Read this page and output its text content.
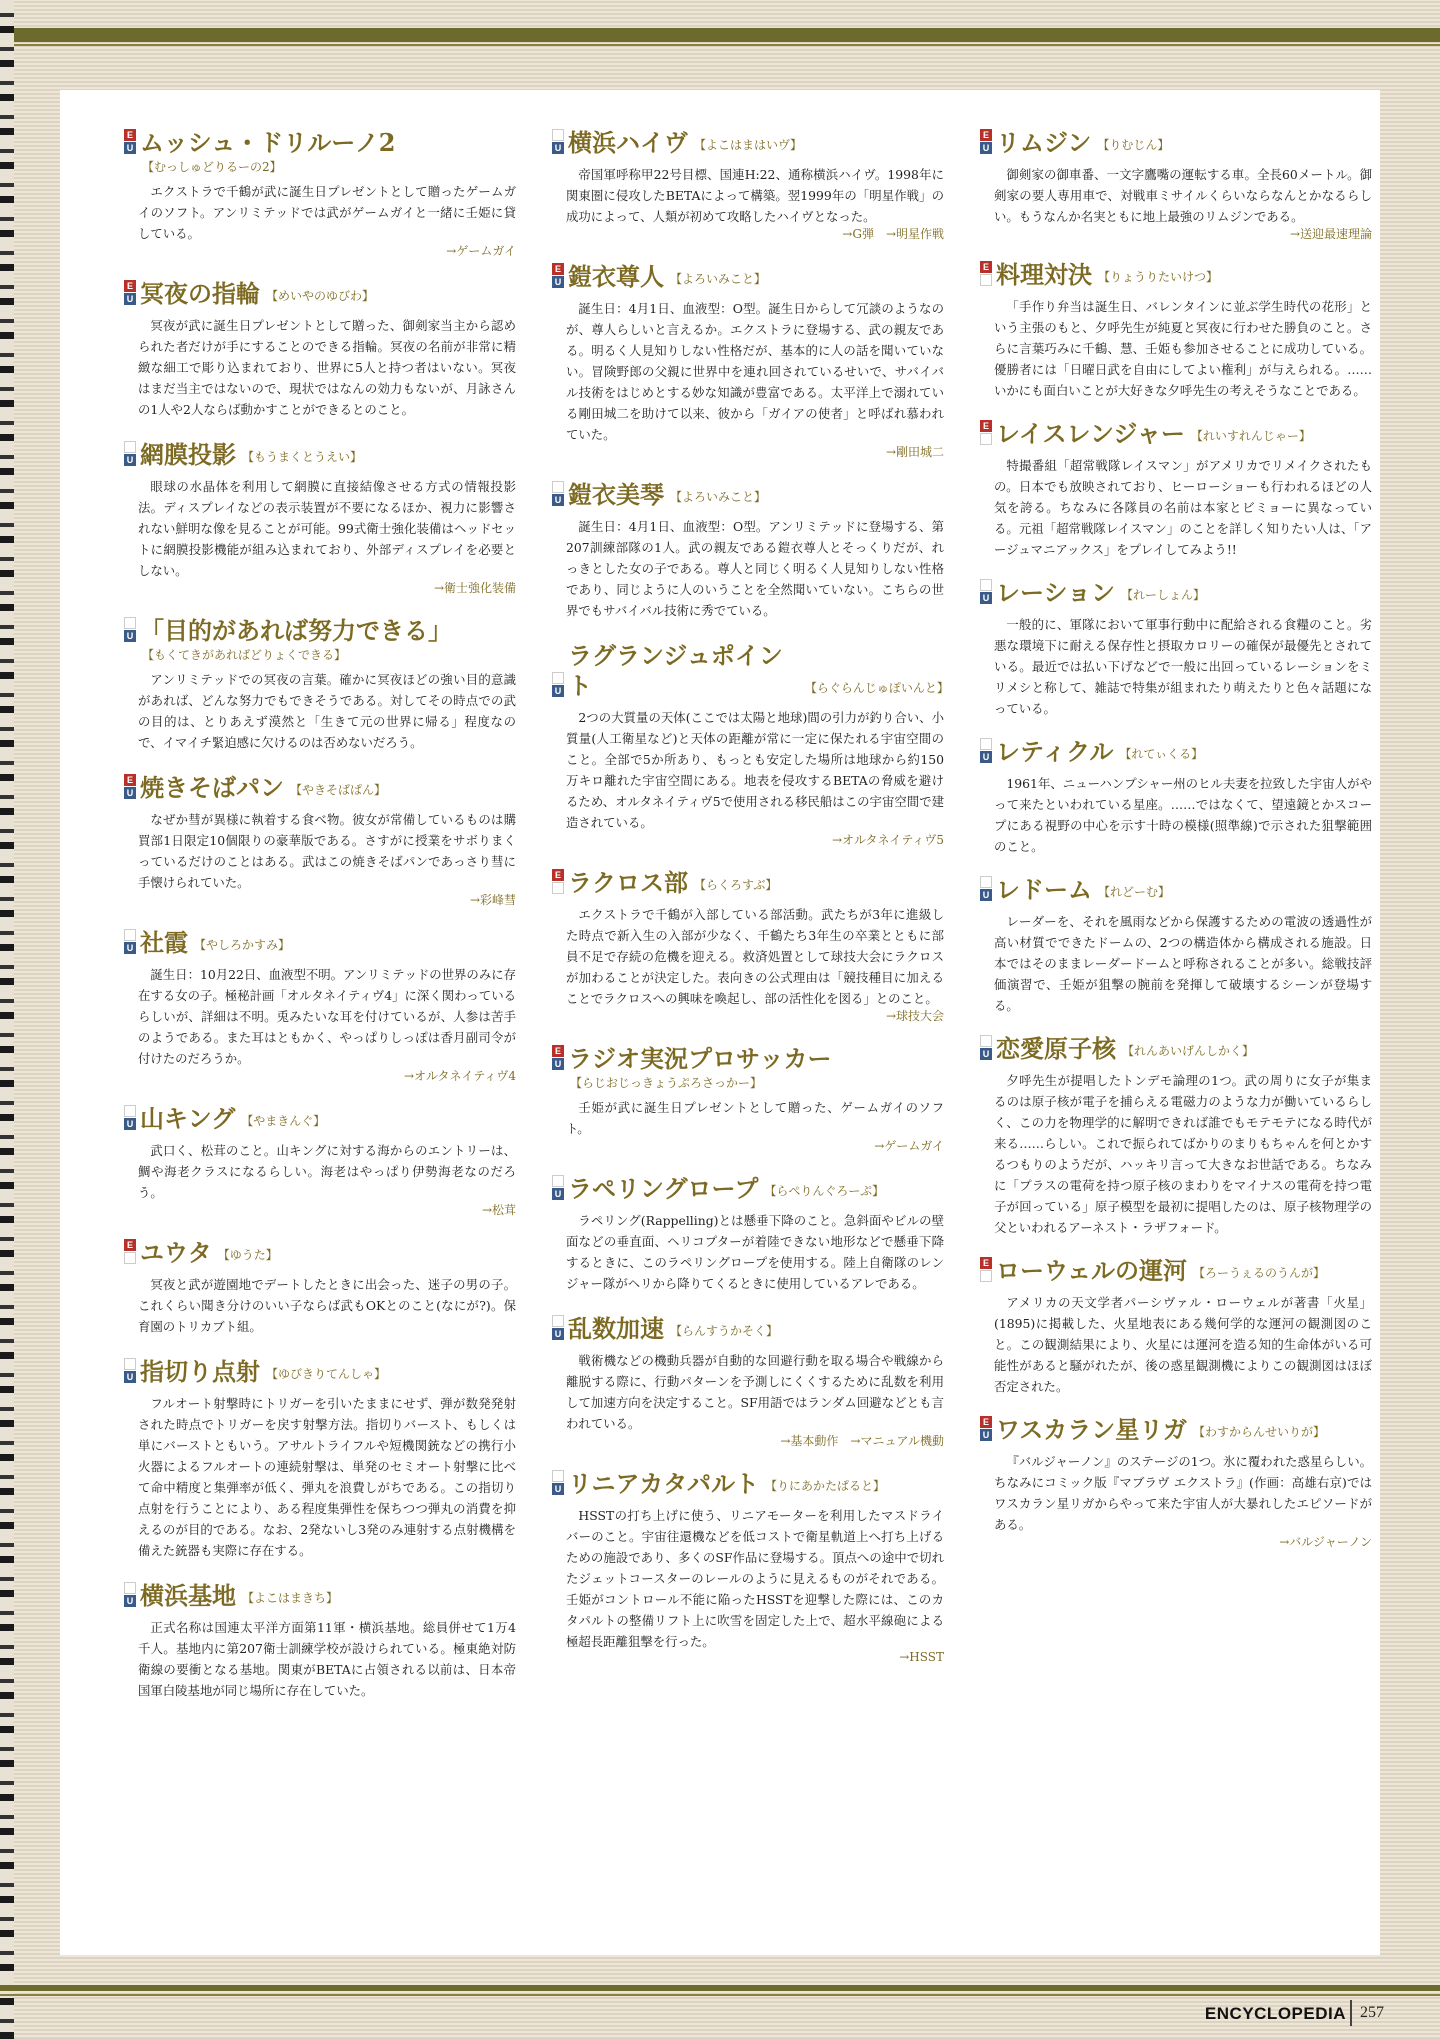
E
U ムッシュ・ドリルーノ2
【むっしゅどりるーの2】
エクストラで千鶴が武に誕生日プレゼントとして贈ったゲームガイのソフト。アンリミテッドでは武がゲームガイと一緒に壬姫に貸している。
→ゲームガイ
E
U 冥夜の指輪 【めいやのゆびわ】
冥夜が武に誕生日プレゼントとして贈った、御剣家当主から認められた者だけが手にすることのできる指輪。冥夜の名前が非常に精緻な細工で彫り込まれており、世界に5人と持つ者はいない。冥夜はまだ当主ではないので、現状ではなんの効力もないが、月詠さんの1人や2人ならば動かすことができるとのこと。
U 網膜投影 【もうまくとうえい】
眼球の水晶体を利用して網膜に直接結像させる方式の情報投影法。ディスプレイなどの表示装置が不要になるほか、視力に影響されない鮮明な像を見ることが可能。99式衛士強化装備はヘッドセットに網膜投影機能が組み込まれており、外部ディスプレイを必要としない。
→衛士強化装備
U 「目的があれば努力できる」
【もくてきがあればどりょくできる】
アンリミテッドでの冥夜の言葉。確かに冥夜ほどの強い目的意識があれば、どんな努力でもできそうである。対してその時点での武の目的は、とりあえず漠然と「生きて元の世界に帰る」程度なので、イマイチ緊迫感に欠けるのは否めないだろう。
E
U 焼きそばパン 【やきそばぱん】
なぜか彗が異様に執着する食べ物。彼女が常備しているものは購買部1日限定10個限りの豪華版である。さすがに授業をサボりまくっているだけのことはある。武はこの焼きそばパンであっさり彗に手懐けられていた。
→彩峰彗
U 社霞 【やしろかすみ】
誕生日：10月22日、血液型不明。アンリミテッドの世界のみに存在する女の子。極秘計画「オルタネイティヴ4」に深く関わっているらしいが、詳細は不明。兎みたいな耳を付けているが、人参は苦手のようである。また耳はともかく、やっぱりしっぽは香月副司令が付けたのだろうか。
→オルタネイティヴ4
U 山キング 【やまきんぐ】
武口く、松茸のこと。山キングに対する海からのエントリーは、鯛や海老クラスになるらしい。海老はやっぱり伊勢海老なのだろう。
→松茸
E ユウタ 【ゆうた】
冥夜と武が遊園地でデートしたときに出会った、迷子の男の子。これくらい聞き分けのいい子ならば武もOKとのこと(なにが?)。保育園のトリカブト組。
U 指切り点射 【ゆびきりてんしゃ】
フルオート射撃時にトリガーを引いたままにせず、弾が数発発射された時点でトリガーを戻す射撃方法。指切りバースト、もしくは単にバーストともいう。アサルトライフルや短機関銃などの携行小火器によるフルオートの連続射撃は、単発のセミオート射撃に比べて命中精度と集弾率が低く、弾丸を浪費しがちである。この指切り点射を行うことにより、ある程度集弾性を保ちつつ弾丸の消費を抑えるのが目的である。なお、2発ないし3発のみ連射する点射機構を備えた銃器も実際に存在する。
U 横浜基地 【よこはまきち】
正式名称は国連太平洋方面第11軍・横浜基地。総員併せて1万4千人。基地内に第207衛士訓練学校が設けられている。極東絶対防衛線の要衝となる基地。関東がBETAに占領される以前は、日本帝国軍白陵基地が同じ場所に存在していた。
U 横浜ハイヴ 【よこはまはいヴ】
帝国軍呼称甲22号目標、国連H:22、通称横浜ハイヴ。1998年に関東圏に侵攻したBETAによって構築。翌1999年の「明星作戦」の成功によって、人類が初めて攻略したハイヴとなった。
→G弾　→明星作戦
E
U 鎧衣尊人 【よろいみこと】
誕生日：4月1日、血液型：O型。誕生日からして冗談のようなのが、尊人らしいと言えるか。エクストラに登場する、武の親友である。明るく人見知りしない性格だが、基本的に人の話を聞いていない。冒険野郎の父親に世界中を連れ回されているせいで、サバイバル技術をはじめとする妙な知識が豊富である。太平洋上で溺れている剛田城二を助けて以来、彼から「ガイアの使者」と呼ばれ慕われていた。
→剛田城二
U 鎧衣美琴 【よろいみこと】
誕生日：4月1日、血液型：O型。アンリミテッドに登場する、第207訓練部隊の1人。武の親友である鎧衣尊人とそっくりだが、れっきとした女の子である。尊人と同じく明るく人見知りしない性格であり、同じように人のいうことを全然聞いていない。こちらの世界でもサバイバル技術に秀でている。
U
ラグランジュポイント	【らぐらんじゅぽいんと】
2つの大質量の天体(ここでは太陽と地球)間の引力が釣り合い、小質量(人工衛星など)と天体の距離が常に一定に保たれる宇宙空間のこと。全部で5か所あり、もっとも安定した場所は地球から約150万キロ離れた宇宙空間にある。地表を侵攻するBETAの脅威を避けるため、オルタネイティヴ5で使用される移民船はこの宇宙空間で建造されている。
→オルタネイティヴ5
E ラクロス部 【らくろすぶ】
エクストラで千鶴が入部している部活動。武たちが3年に進級した時点で新入生の入部が少なく、千鶴たち3年生の卒業とともに部員不足で存続の危機を迎える。救済処置として球技大会にラクロスが加わることが決定した。表向きの公式理由は「競技種目に加えることでラクロスへの興味を喚起し、部の活性化を図る」とのこと。
→球技大会
E
U ラジオ実況プロサッカー
【らじおじっきょうぷろさっかー】
壬姫が武に誕生日プレゼントとして贈った、ゲームガイのソフト。
→ゲームガイ
U ラペリングロープ 【らぺりんぐろーぷ】
ラペリング(Rappelling)とは懸垂下降のこと。急斜面やビルの壁面などの垂直面、ヘリコプターが着陸できない地形などで懸垂下降するときに、このラペリングロープを使用する。陸上自衛隊のレンジャー隊がヘリから降りてくるときに使用しているアレである。
U 乱数加速 【らんすうかそく】
戦術機などの機動兵器が自動的な回避行動を取る場合や戦線から離脱する際に、行動パターンを予測しにくくするために乱数を利用して加速方向を決定すること。SF用語ではランダム回避などとも言われている。
→基本動作　→マニュアル機動
U リニアカタパルト 【りにあかたぱると】
HSSTの打ち上げに使う、リニアモーターを利用したマスドライバーのこと。宇宙往還機などを低コストで衛星軌道上へ打ち上げるための施設であり、多くのSF作品に登場する。頂点への途中で切れたジェットコースターのレールのように見えるものがそれである。壬姫がコントロール不能に陥ったHSSTを迎撃した際には、このカタパルトの整備リフト上に吹雪を固定した上で、超水平線砲による極超長距離狙撃を行った。
→HSST
E
U リムジン 【りむじん】
御剣家の御車番、一文字鷹嘴の運転する車。全長60メートル。御剣家の要人専用車で、対戦車ミサイルくらいならなんとかなるらしい。もうなんか名実ともに地上最強のリムジンである。
→送迎最速理論
E 料理対決 【りょうりたいけつ】
「手作り弁当は誕生日、バレンタインに並ぶ学生時代の花形」という主張のもと、夕呼先生が純夏と冥夜に行わせた勝負のこと。さらに言葉巧みに千鶴、慧、壬姫も参加させることに成功している。優勝者には「日曜日武を自由にしてよい権利」が与えられる。……いかにも面白いことが大好きな夕呼先生の考えそうなことである。
E レイスレンジャー 【れいすれんじゃー】
特撮番組「超常戦隊レイスマン」がアメリカでリメイクされたもの。日本でも放映されており、ヒーローショーも行われるほどの人気を誇る。ちなみに各隊員の名前は本家とビミョーに異なっている。元祖「超常戦隊レイスマン」のことを詳しく知りたい人は、「アージュマニアックス」をプレイしてみよう!!
U レーション 【れーしょん】
一般的に、軍隊において軍事行動中に配給される食糧のこと。劣悪な環境下に耐える保存性と摂取カロリーの確保が最優先とされている。最近では払い下げなどで一般に出回っているレーションをミリメシと称して、雑誌で特集が組まれたり萌えたりと色々話題になっている。
U レティクル 【れてぃくる】
1961年、ニューハンプシャー州のヒル夫妻を拉致した宇宙人がやって来たといわれている星座。……ではなくて、望遠鏡とかスコープにある視野の中心を示す十時の模様(照準線)で示された狙撃範囲のこと。
U レドーム 【れどーむ】
レーダーを、それを風雨などから保護するための電波の透過性が高い材質でできたドームの、2つの構造体から構成される施設。日本ではそのままレーダードームと呼称されることが多い。総戦技評価演習で、壬姫が狙撃の腕前を発揮して破壊するシーンが登場する。
U 恋愛原子核 【れんあいげんしかく】
夕呼先生が提唱したトンデモ論理の1つ。武の周りに女子が集まるのは原子核が電子を捕らえる電磁力のような力が働いているらしく、この力を物理学的に解明できれば誰でもモテモテになる時代が来る……らしい。これで振られてばかりのまりもちゃんを何とかするつもりのようだが、ハッキリ言って大きなお世話である。ちなみに「プラスの電荷を持つ原子核のまわりをマイナスの電荷を持つ電子が回っている」原子模型を最初に提唱したのは、原子核物理学の父といわれるアーネスト・ラザフォード。
E ローウェルの運河 【ろーうぇるのうんが】
アメリカの天文学者パーシヴァル・ローウェルが著書「火星」(1895)に掲載した、火星地表にある幾何学的な運河の観測図のこと。この観測結果により、火星には運河を造る知的生命体がいる可能性があると騒がれたが、後の惑星観測機によりこの観測図はほぼ否定された。
E
U ワスカラン星リガ 【わすからんせいりが】
『バルジャーノン』のステージの1つ。氷に覆われた惑星らしい。ちなみにコミック版『マブラヴ エクストラ』(作画：高雄右京)ではワスカラン星リガからやって来た宇宙人が大暴れしたエピソードがある。
→バルジャーノン
ENCYCLOPEDIA 257
